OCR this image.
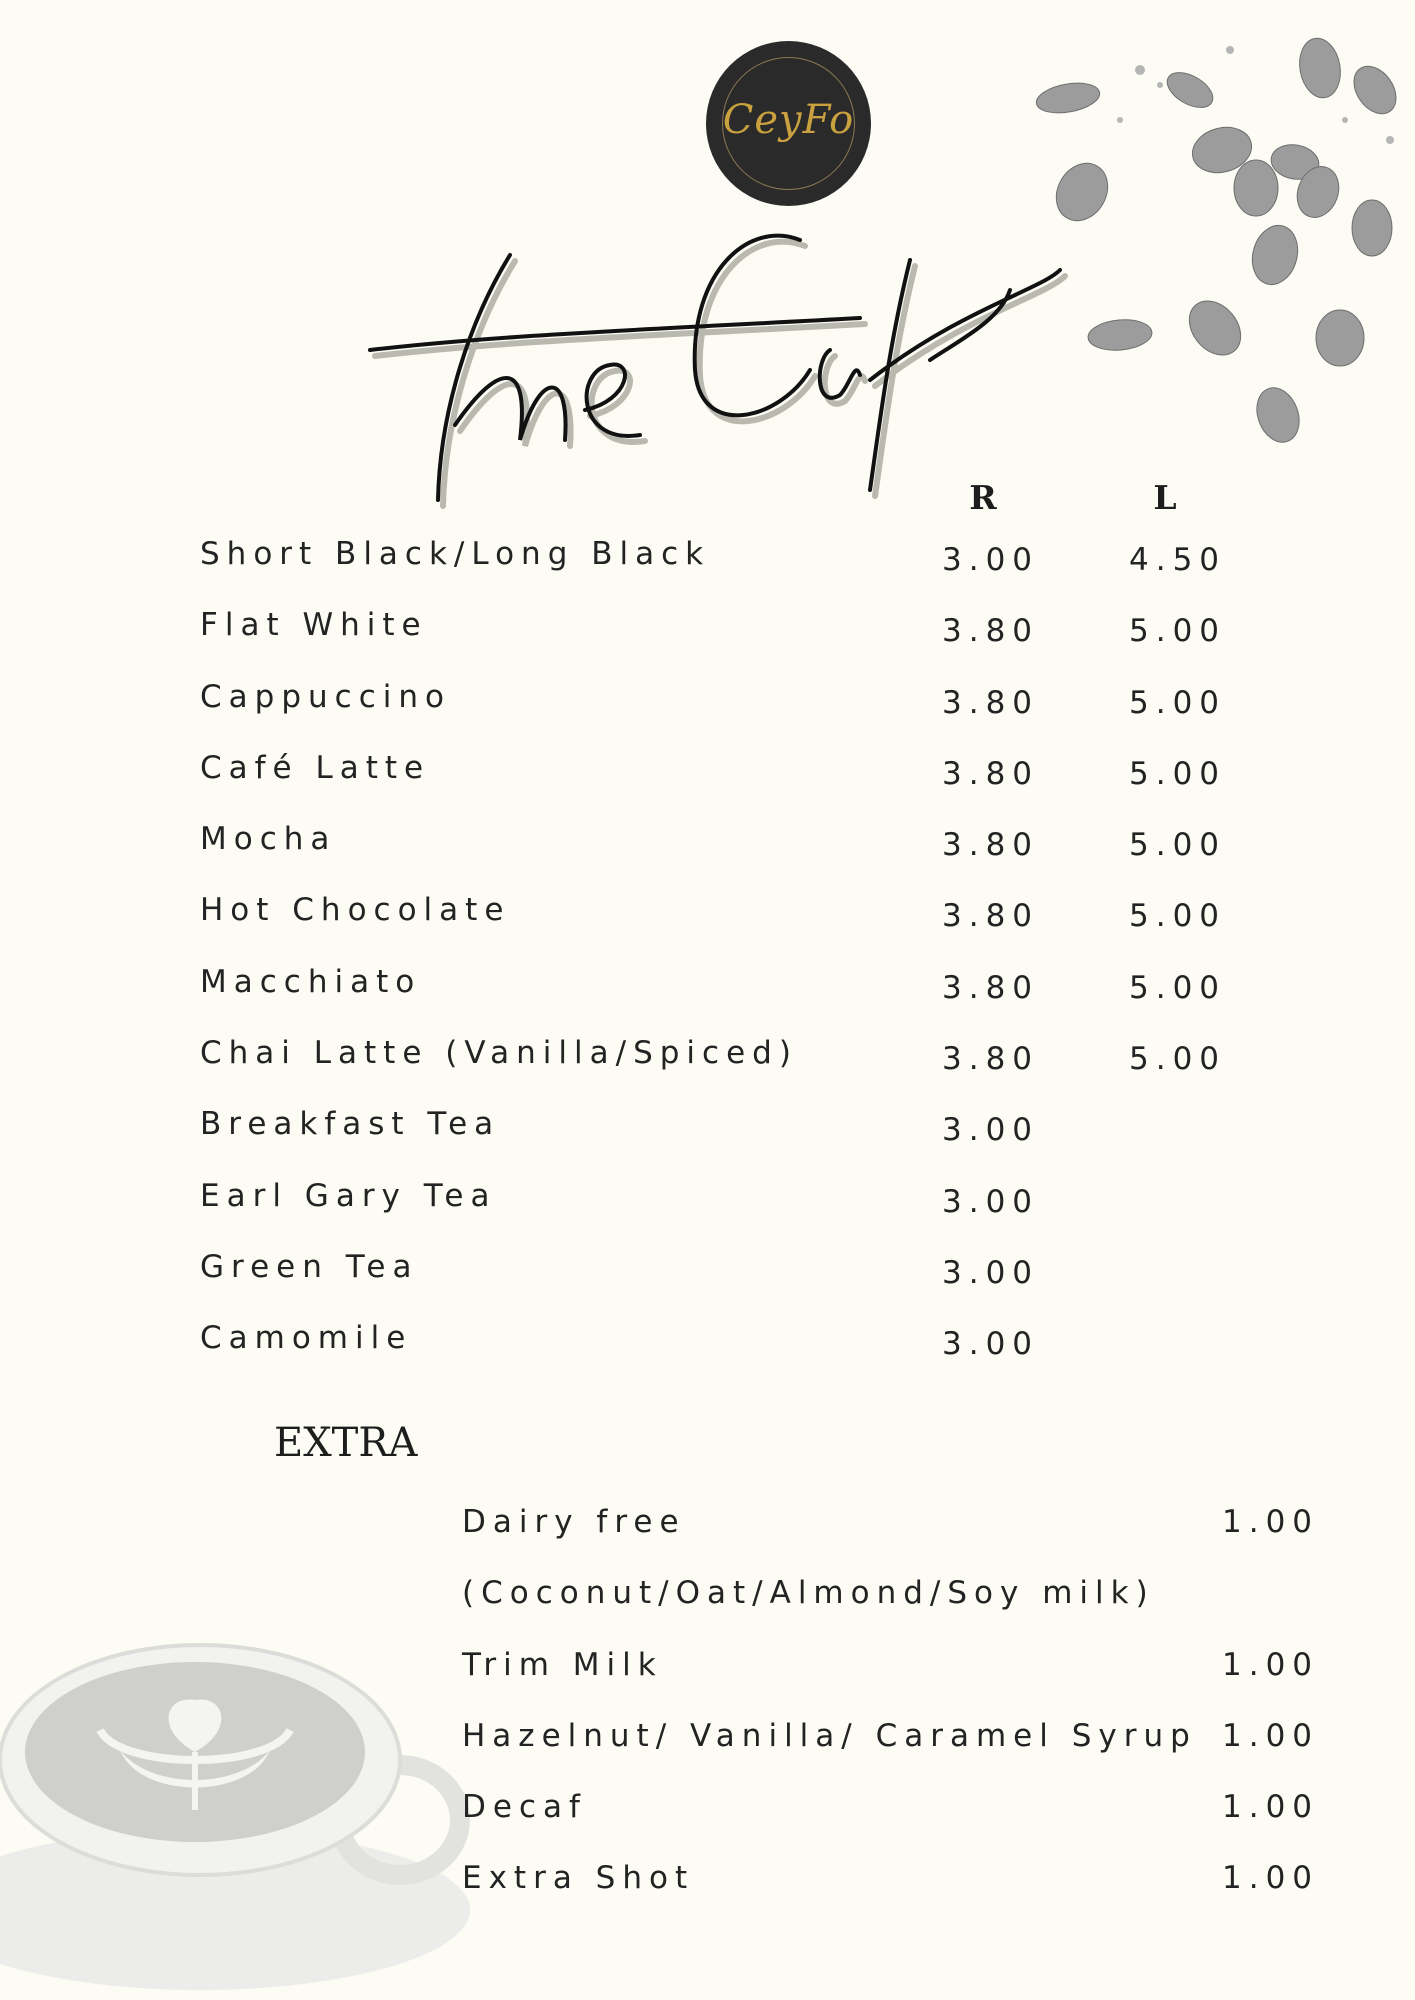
CeyFo
R	L
Short Black/Long Black	3.00	4.50
Flat White	3.80	5.00
Cappuccino	3.80	5.00
Café Latte	3.80	5.00
Mocha	3.80	5.00
Hot Chocolate	3.80	5.00
Macchiato	3.80	5.00
Chai Latte (Vanilla/Spiced)	3.80	5.00
Breakfast Tea	3.00
Earl Gary Tea	3.00
Green Tea	3.00
Camomile	3.00
EXTRA
Dairy free	1.00
(Coconut/Oat/Almond/Soy milk)
Trim Milk	1.00
Hazelnut/ Vanilla/ Caramel Syrup 1.00
Decaf	1.00
Extra Shot	1.00
